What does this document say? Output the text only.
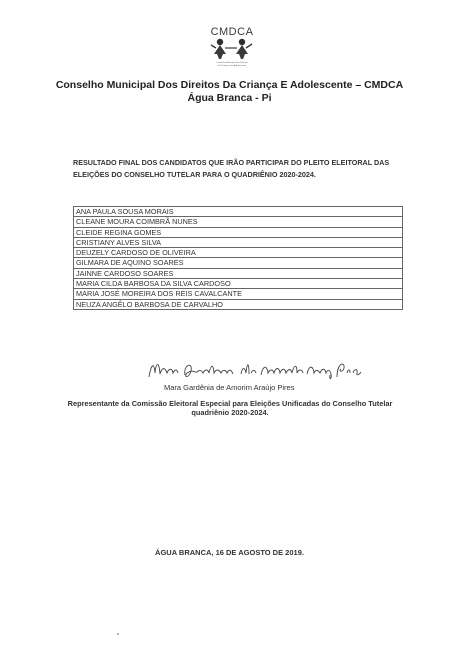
CMDCA
Conselho Municipal dos Direitos
da Criança e do Adolescente
Conselho Municipal Dos Direitos Da Criança E Adolescente – CMDCA
Água Branca - Pi
RESULTADO FINAL DOS CANDIDATOS QUE IRÃO PARTICIPAR DO PLEITO ELEITORAL DAS
ELEIÇÕES DO CONSELHO TUTELAR PARA O QUADRIÊNIO 2020-2024.
ANA PAULA SOUSA MORAIS
CLEANE MOURA COIMBRÃ NUNES
CLEIDE REGINA GOMES
CRISTIANY ALVES SILVA
DEUZELY CARDOSO DE OLIVEIRA
GILMARA DE AQUINO SOARES
JAINNE CARDOSO SOARES
MARIA CILDA BARBOSA DA SILVA CARDOSO
MARIA JOSÉ MOREIRA DOS REIS CAVALCANTE
NEUZA ANGÊLO BARBOSA DE CARVALHO
Mara Gardênia de Amorim Araújo Pires
Representante da Comissão Eleitoral Especial para Eleições Unificadas do Conselho Tutelar
quadriênio 2020-2024.
ÁGUA BRANCA, 16 DE AGOSTO DE 2019.
